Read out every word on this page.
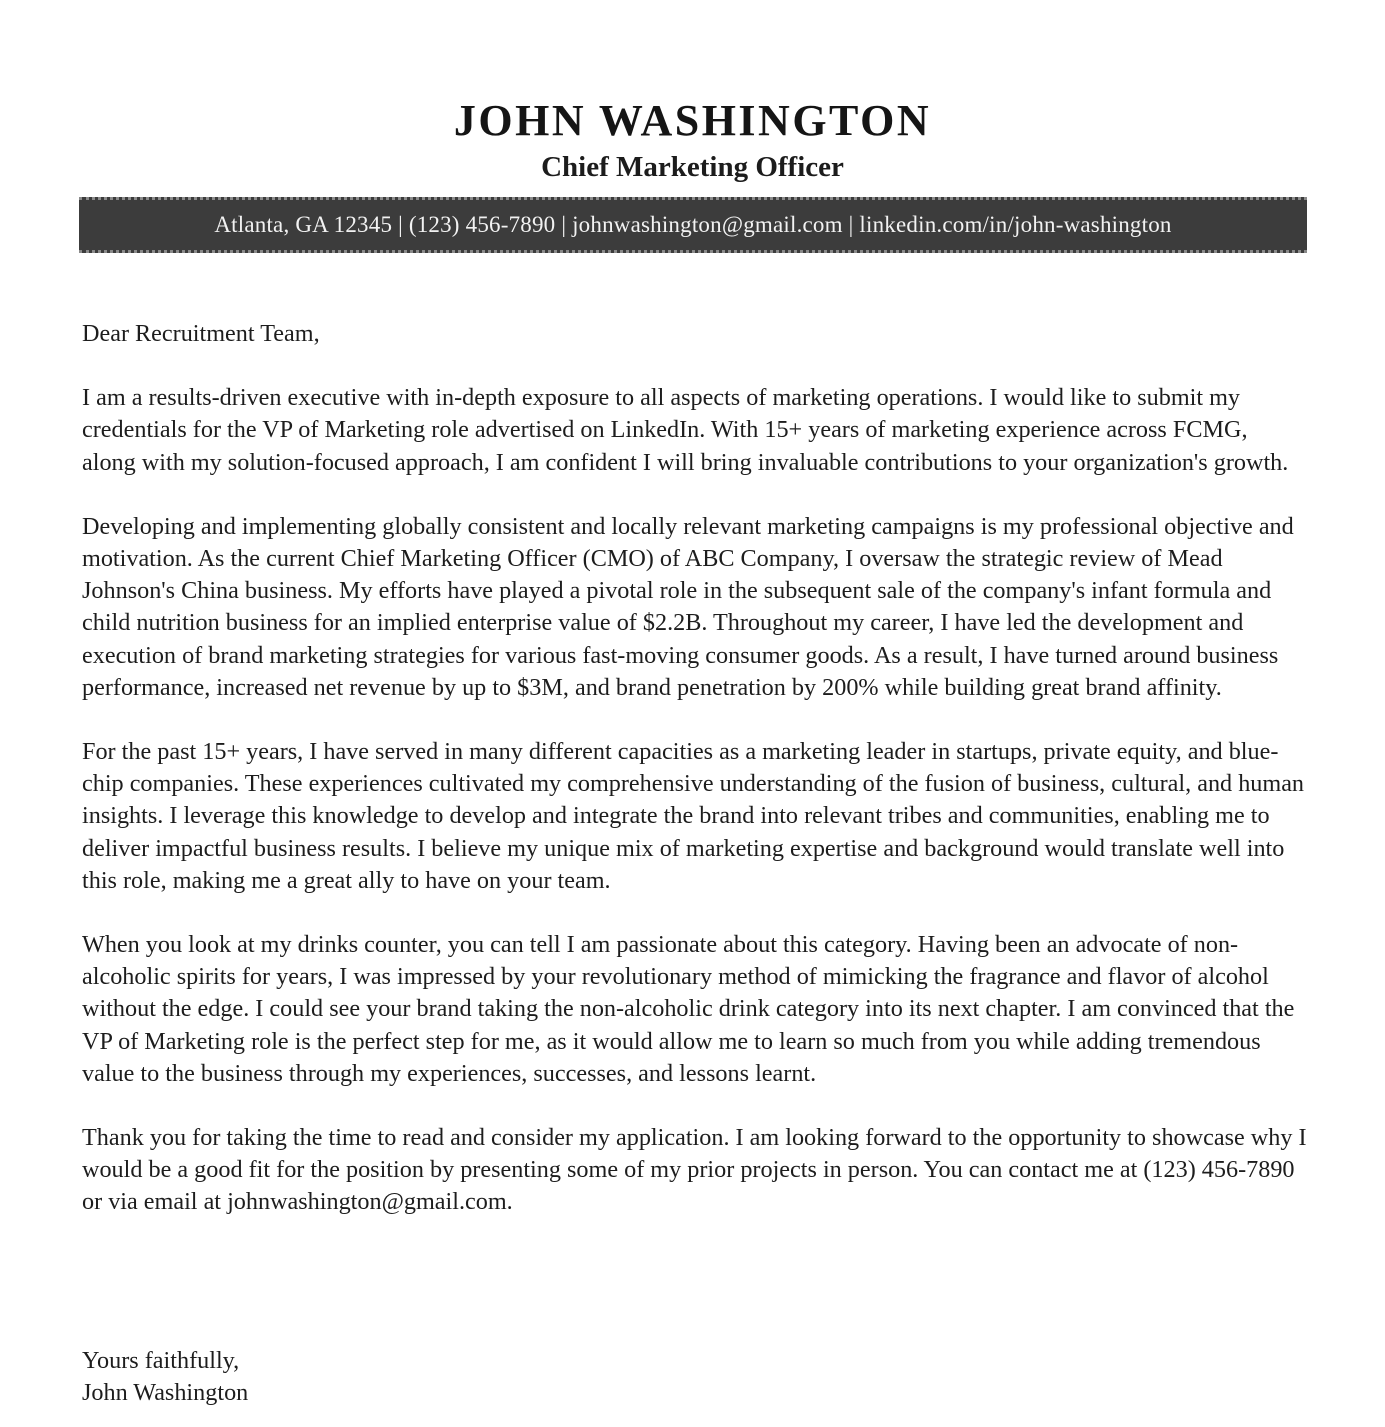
JOHN WASHINGTON
Chief Marketing Officer
Atlanta, GA 12345 | (123) 456-7890 | johnwashington@gmail.com | linkedin.com/in/john-washington

Dear Recruitment Team,

I am a results-driven executive with in-depth exposure to all aspects of marketing operations. I would like to submit my credentials for the VP of Marketing role advertised on LinkedIn. With 15+ years of marketing experience across FCMG, along with my solution-focused approach, I am confident I will bring invaluable contributions to your organization's growth.

Developing and implementing globally consistent and locally relevant marketing campaigns is my professional objective and motivation. As the current Chief Marketing Officer (CMO) of ABC Company, I oversaw the strategic review of Mead Johnson's China business. My efforts have played a pivotal role in the subsequent sale of the company's infant formula and child nutrition business for an implied enterprise value of $2.2B. Throughout my career, I have led the development and execution of brand marketing strategies for various fast-moving consumer goods. As a result, I have turned around business performance, increased net revenue by up to $3M, and brand penetration by 200% while building great brand affinity.

For the past 15+ years, I have served in many different capacities as a marketing leader in startups, private equity, and blue-chip companies. These experiences cultivated my comprehensive understanding of the fusion of business, cultural, and human insights. I leverage this knowledge to develop and integrate the brand into relevant tribes and communities, enabling me to deliver impactful business results. I believe my unique mix of marketing expertise and background would translate well into this role, making me a great ally to have on your team.

When you look at my drinks counter, you can tell I am passionate about this category. Having been an advocate of non-alcoholic spirits for years, I was impressed by your revolutionary method of mimicking the fragrance and flavor of alcohol without the edge. I could see your brand taking the non-alcoholic drink category into its next chapter. I am convinced that the VP of Marketing role is the perfect step for me, as it would allow me to learn so much from you while adding tremendous value to the business through my experiences, successes, and lessons learnt.

Thank you for taking the time to read and consider my application. I am looking forward to the opportunity to showcase why I would be a good fit for the position by presenting some of my prior projects in person. You can contact me at (123) 456-7890 or via email at johnwashington@gmail.com.

Yours faithfully,
John Washington
